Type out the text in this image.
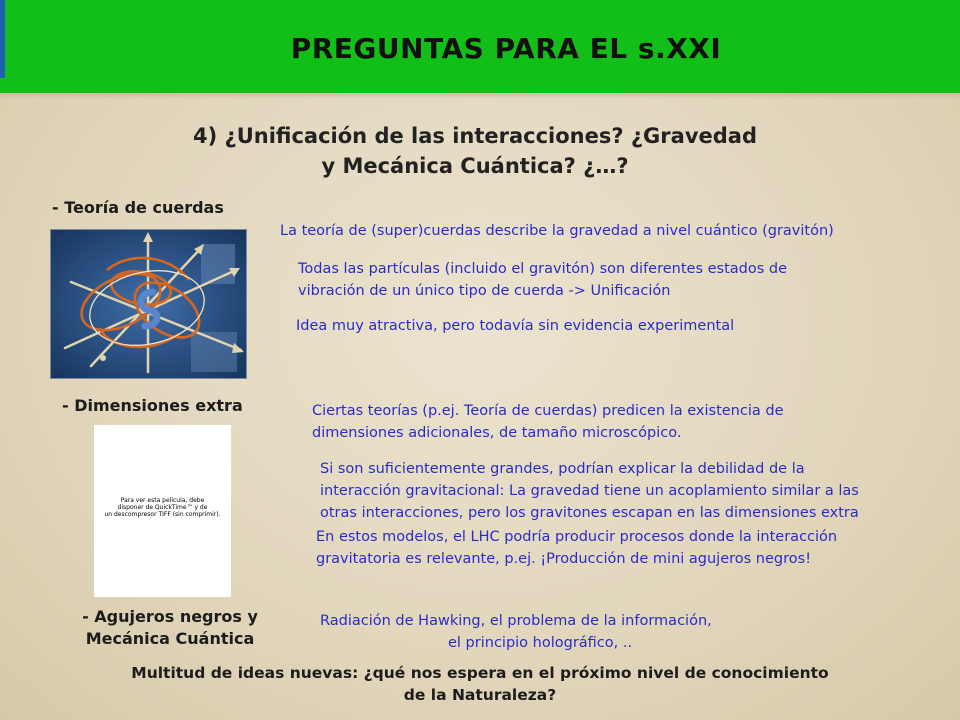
PREGUNTAS PARA EL s.XXI
4) ¿Unificación de las interacciones? ¿Gravedad
y Mecánica Cuántica? ¿…?
- Teoría de cuerdas
La teoría de (super)cuerdas describe la gravedad a nivel cuántico (gravitón)
Todas las partículas (incluido el gravitón) son diferentes estados de
vibración de un único tipo de cuerda -> Unificación
Idea muy atractiva, pero todavía sin evidencia experimental
- Dimensiones extra
Para ver esta película, debe
disponer de QuickTime™ y de
un descompresor TIFF (sin comprimir).
Ciertas teorías (p.ej. Teoría de cuerdas) predicen la existencia de
dimensiones adicionales, de tamaño microscópico.
Si son suficientemente grandes, podrían explicar la debilidad de la
interacción gravitacional: La gravedad tiene un acoplamiento similar a las
otras interacciones, pero los gravitones escapan en las dimensiones extra
En estos modelos, el LHC podría producir procesos donde la interacción
gravitatoria es relevante, p.ej. ¡Producción de mini agujeros negros!
- Agujeros negros y
Mecánica Cuántica
Radiación de Hawking, el problema de la información,
el principio holográfico, ..
Multitud de ideas nuevas: ¿qué nos espera en el próximo nivel de conocimiento
de la Naturaleza?
